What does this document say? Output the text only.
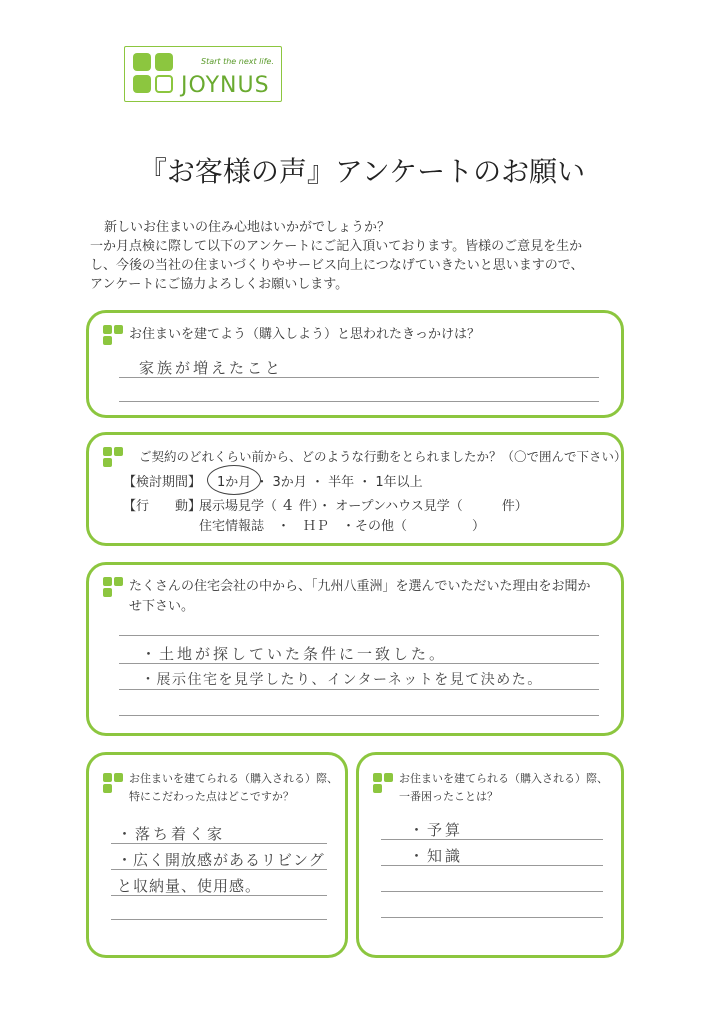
Start the next life.
JOYNUS
『お客様の声』アンケートのお願い

新しいお住まいの住み心地はいかがでしょうか？

一か月点検に際して以下のアンケートにご記入頂いております。皆様のご意見を生か

し、今後の当社の住まいづくりやサービス向上につなげていきたいと思いますので、

アンケートにご協力よろしくお願いします。

お住まいを建てよう（購入しよう）と思われたきっかけは？
家族が増えたこと
ご契約のどれくらい前から、どのような行動をとられましたか？（〇で囲んで下さい）
【検討期間】 1か月 ・ 3か月 ・ 半年 ・ 1年以上
【行　　動】
展示場見学（ 4 件）・ オープンハウス見学（　　　件）
住宅情報誌　・　ＨＰ　・その他（　　　　　）
たくさんの住宅会社の中から、「九州八重洲」を選んでいただいた理由をお聞か
せ下さい。
・土地が探していた条件に一致した。
・展示住宅を見学したり、インターネットを見て決めた。
お住まいを建てられる（購入される）際、
特にこだわった点はどこですか？
・落ち着く家
・広く開放感があるリビング
と収納量、使用感。
お住まいを建てられる（購入される）際、
一番困ったことは？
・予算
・知識
